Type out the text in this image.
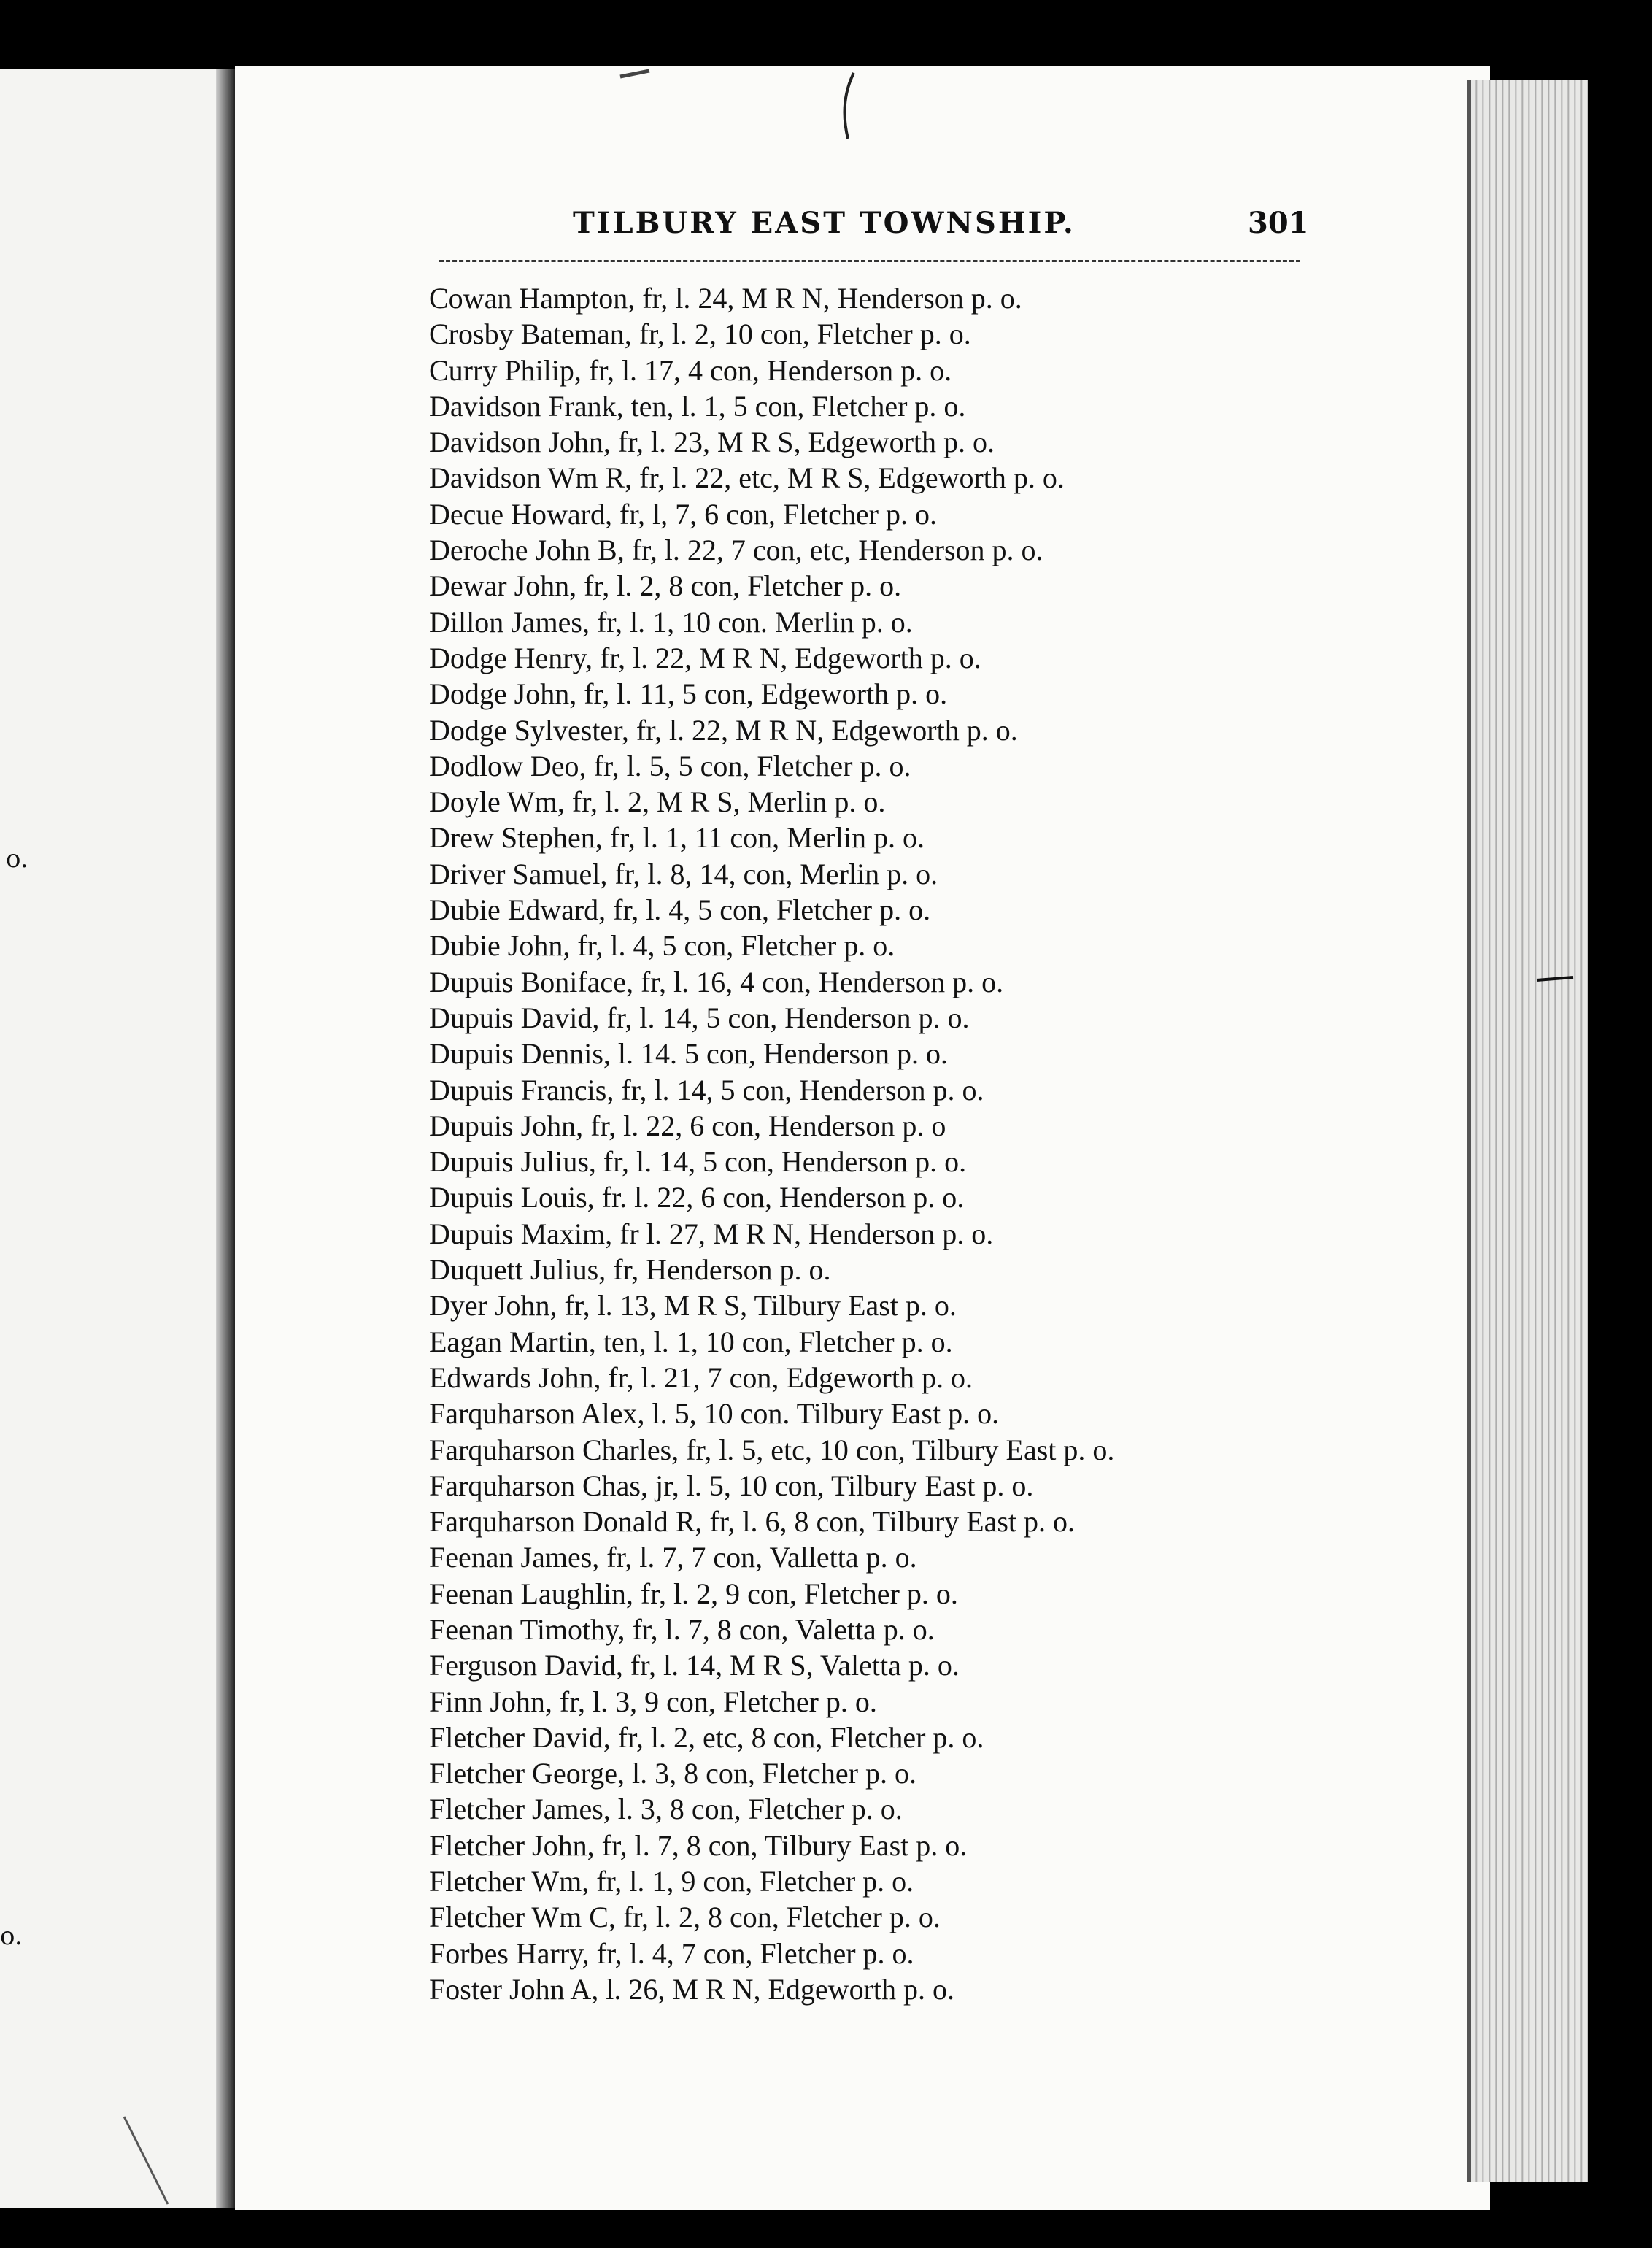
o.
o.
TILBURY EAST TOWNSHIP.	301
Cowan Hampton, fr, l. 24, M R N, Henderson p. o.
Crosby Bateman, fr, l. 2, 10 con, Fletcher p. o.
Curry Philip, fr, l. 17, 4 con, Henderson p. o.
Davidson Frank, ten, l. 1, 5 con, Fletcher p. o.
Davidson John, fr, l. 23, M R S, Edgeworth p. o.
Davidson Wm R, fr, l. 22, etc, M R S, Edgeworth p. o.
Decue Howard, fr, l, 7, 6 con, Fletcher p. o.
Deroche John B, fr, l. 22, 7 con, etc, Henderson p. o.
Dewar John, fr, l. 2, 8 con, Fletcher p. o.
Dillon James, fr, l. 1, 10 con. Merlin p. o.
Dodge Henry, fr, l. 22, M R N, Edgeworth p. o.
Dodge John, fr, l. 11, 5 con, Edgeworth p. o.
Dodge Sylvester, fr, l. 22, M R N, Edgeworth p. o.
Dodlow Deo, fr, l. 5, 5 con, Fletcher p. o.
Doyle Wm, fr, l. 2, M R S, Merlin p. o.
Drew Stephen, fr, l. 1, 11 con, Merlin p. o.
Driver Samuel, fr, l. 8, 14, con, Merlin p. o.
Dubie Edward, fr, l. 4, 5 con, Fletcher p. o.
Dubie John, fr, l. 4, 5 con, Fletcher p. o.
Dupuis Boniface, fr, l. 16, 4 con, Henderson p. o.
Dupuis David, fr, l. 14, 5 con, Henderson p. o.
Dupuis Dennis, l. 14. 5 con, Henderson p. o.
Dupuis Francis, fr, l. 14, 5 con, Henderson p. o.
Dupuis John, fr, l. 22, 6 con, Henderson p. o
Dupuis Julius, fr, l. 14, 5 con, Henderson p. o.
Dupuis Louis, fr. l. 22, 6 con, Henderson p. o.
Dupuis Maxim, fr l. 27, M R N, Henderson p. o.
Duquett Julius, fr, Henderson p. o.
Dyer John, fr, l. 13, M R S, Tilbury East p. o.
Eagan Martin, ten, l. 1, 10 con, Fletcher p. o.
Edwards John, fr, l. 21, 7 con, Edgeworth p. o.
Farquharson Alex, l. 5, 10 con. Tilbury East p. o.
Farquharson Charles, fr, l. 5, etc, 10 con, Tilbury East p. o.
Farquharson Chas, jr, l. 5, 10 con, Tilbury East p. o.
Farquharson Donald R, fr, l. 6, 8 con, Tilbury East p. o.
Feenan James, fr, l. 7, 7 con, Valletta p. o.
Feenan Laughlin, fr, l. 2, 9 con, Fletcher p. o.
Feenan Timothy, fr, l. 7, 8 con, Valetta p. o.
Ferguson David, fr, l. 14, M R S, Valetta p. o.
Finn John, fr, l. 3, 9 con, Fletcher p. o.
Fletcher David, fr, l. 2, etc, 8 con, Fletcher p. o.
Fletcher George, l. 3, 8 con, Fletcher p. o.
Fletcher James, l. 3, 8 con, Fletcher p. o.
Fletcher John, fr, l. 7, 8 con, Tilbury East p. o.
Fletcher Wm, fr, l. 1, 9 con, Fletcher p. o.
Fletcher Wm C, fr, l. 2, 8 con, Fletcher p. o.
Forbes Harry, fr, l. 4, 7 con, Fletcher p. o.
Foster John A, l. 26, M R N, Edgeworth p. o.
